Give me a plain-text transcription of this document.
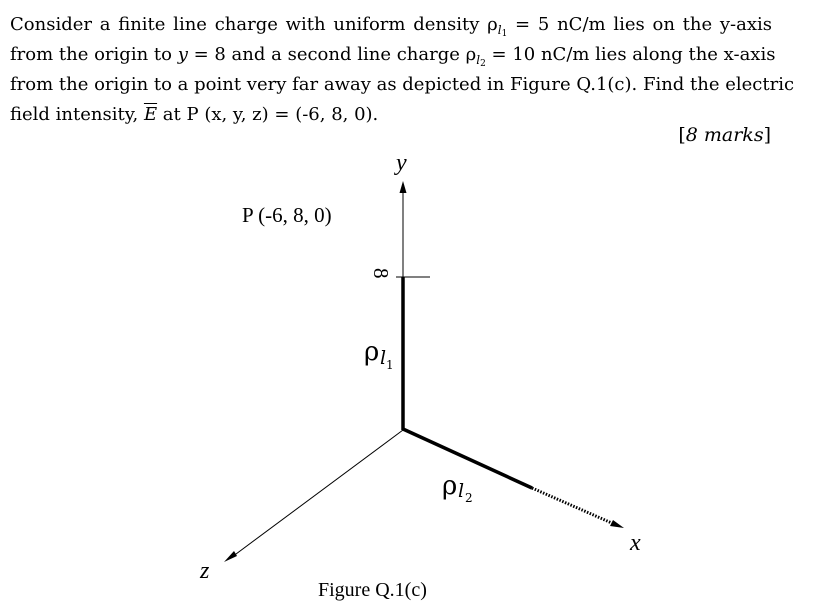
Consider a finite line charge with uniform density $\rho_{l_1} = 5$ nC/m lies on the y-axis
from the origin to y = 8 and a second line charge $\rho_{l_2} = 10$ nC/m lies along the x-axis
from the origin to a point very far away as depicted in Figure Q.1(c). Find the electric
field intensity, $\overline{E}$ at P (x, y, z) = (-6, 8, 0).
[8 marks]
y
x
z
P (-6, 8, 0)
8
ρ l 1
ρ l 2
Figure Q.1(c)
